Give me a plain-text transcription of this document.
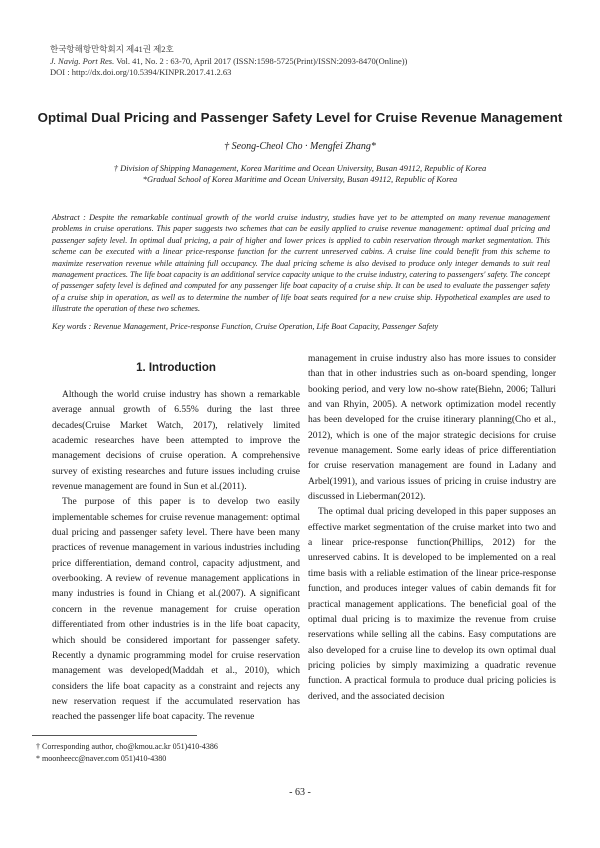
한국항해항만학회지 제41권 제2호
J. Navig. Port Res. Vol. 41, No. 2 : 63-70, April 2017 (ISSN:1598-5725(Print)/ISSN:2093-8470(Online))
DOI : http://dx.doi.org/10.5394/KINPR.2017.41.2.63
Optimal Dual Pricing and Passenger Safety Level for Cruise Revenue Management
† Seong-Cheol Cho · Mengfei Zhang*
† Division of Shipping Management, Korea Maritime and Ocean University, Busan 49112, Republic of Korea
*Gradual School of Korea Maritime and Ocean University, Busan 49112, Republic of Korea
Abstract : Despite the remarkable continual growth of the world cruise industry, studies have yet to be attempted on many revenue management problems in cruise operations. This paper suggests two schemes that can be easily applied to cruise revenue management: optimal dual pricing and passenger safety level. In optimal dual pricing, a pair of higher and lower prices is applied to cabin reservation through market segmentation. This scheme can be executed with a linear price-response function for the current unreserved cabins. A cruise line could benefit from this scheme to maximize reservation revenue while attaining full occupancy. The dual pricing scheme is also devised to produce only integer demands to suit real management practices. The life boat capacity is an additional service capacity unique to the cruise industry, catering to passengers' safety. The concept of passenger safety level is defined and computed for any passenger life boat capacity of a cruise ship. It can be used to evaluate the passenger safety of a cruise ship in operation, as well as to determine the number of life boat seats required for a new cruise ship. Hypothetical examples are used to illustrate the operation of these two schemes.
Key words : Revenue Management, Price-response Function, Cruise Operation, Life Boat Capacity, Passenger Safety
1. Introduction

Although the world cruise industry has shown a remarkable average annual growth of 6.55% during the last three decades(Cruise Market Watch, 2017), relatively limited academic researches have been attempted to improve the management decisions of cruise operation. A comprehensive survey of existing researches and future issues including cruise revenue management are found in Sun et al.(2011).

The purpose of this paper is to develop two easily implementable schemes for cruise revenue management: optimal dual pricing and passenger safety level. There have been many practices of revenue management in various industries including price differentiation, demand control, capacity adjustment, and overbooking. A review of revenue management applications in many industries is found in Chiang et al.(2007). A significant concern in the revenue management for cruise operation differentiated from other industries is in the life boat capacity, which should be considered important for passenger safety. Recently a dynamic programming model for cruise reservation management was developed(Maddah et al., 2010), which considers the life boat capacity as a constraint and rejects any new reservation request if the accumulated reservation has reached the passenger life boat capacity. The revenue

management in cruise industry also has more issues to consider than that in other industries such as on-board spending, longer booking period, and very low no-show rate(Biehn, 2006; Talluri and van Rhyin, 2005). A network optimization model recently has been developed for the cruise itinerary planning(Cho et al., 2012), which is one of the major strategic decisions for cruise revenue management. Some early ideas of price differentiation for cruise reservation management are found in Ladany and Arbel(1991), and various issues of pricing in cruise industry are discussed in Lieberman(2012).

The optimal dual pricing developed in this paper supposes an effective market segmentation of the cruise market into two and a linear price-response function(Phillips, 2012) for the unreserved cabins. It is developed to be implemented on a real time basis with a reliable estimation of the linear price-response function, and produces integer values of cabin demands fit for practical management applications. The beneficial goal of the optimal dual pricing is to maximize the revenue from cruise reservations while selling all the cabins. Easy computations are also developed for a cruise line to develop its own optimal dual pricing policies by simply maximizing a quadratic revenue function. A practical formula to produce dual pricing policies is derived, and the associated decision

† Corresponding author, cho@kmou.ac.kr 051)410-4386
* moonheecc@naver.com 051)410-4380
- 63 -
